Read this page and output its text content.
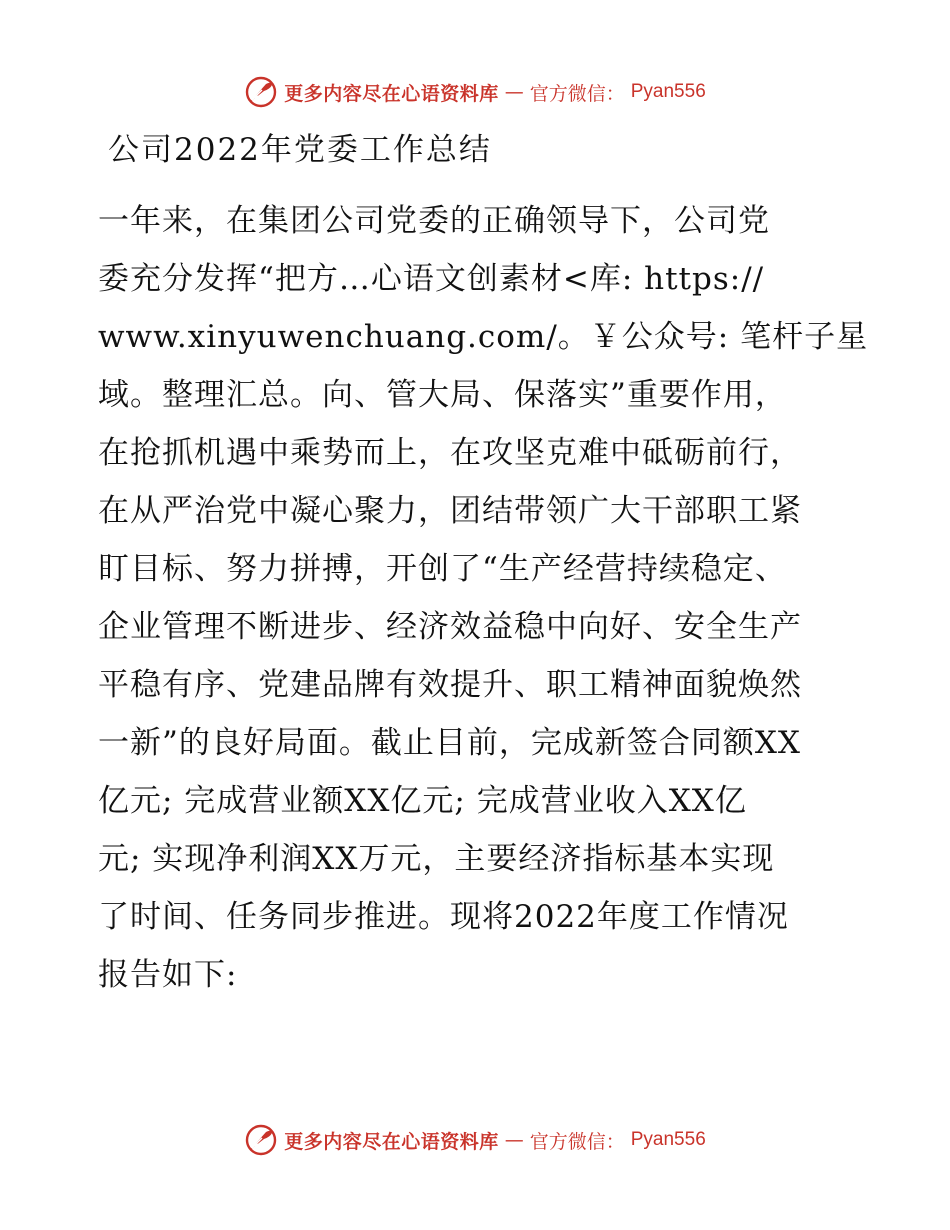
更多内容尽在心语资料库 — 官方微信： Pyan556
公司2022年党委工作总结
一年来，在集团公司党委的正确领导下，公司党
委充分发挥“把方…心语文创素材<库: https://
www.xinyuwenchuang.com/。￥公众号: 笔杆子星
域。整理汇总。向、管大局、保落实”重要作用，
在抢抓机遇中乘势而上，在攻坚克难中砥砺前行，
在从严治党中凝心聚力，团结带领广大干部职工紧
盯目标、努力拼搏，开创了“生产经营持续稳定、
企业管理不断进步、经济效益稳中向好、安全生产
平稳有序、党建品牌有效提升、职工精神面貌焕然
一新”的良好局面。截止目前，完成新签合同额XX
亿元; 完成营业额XX亿元; 完成营业收入XX亿
元; 实现净利润XX万元，主要经济指标基本实现
了时间、任务同步推进。现将2022年度工作情况
报告如下:
更多内容尽在心语资料库 — 官方微信： Pyan556
